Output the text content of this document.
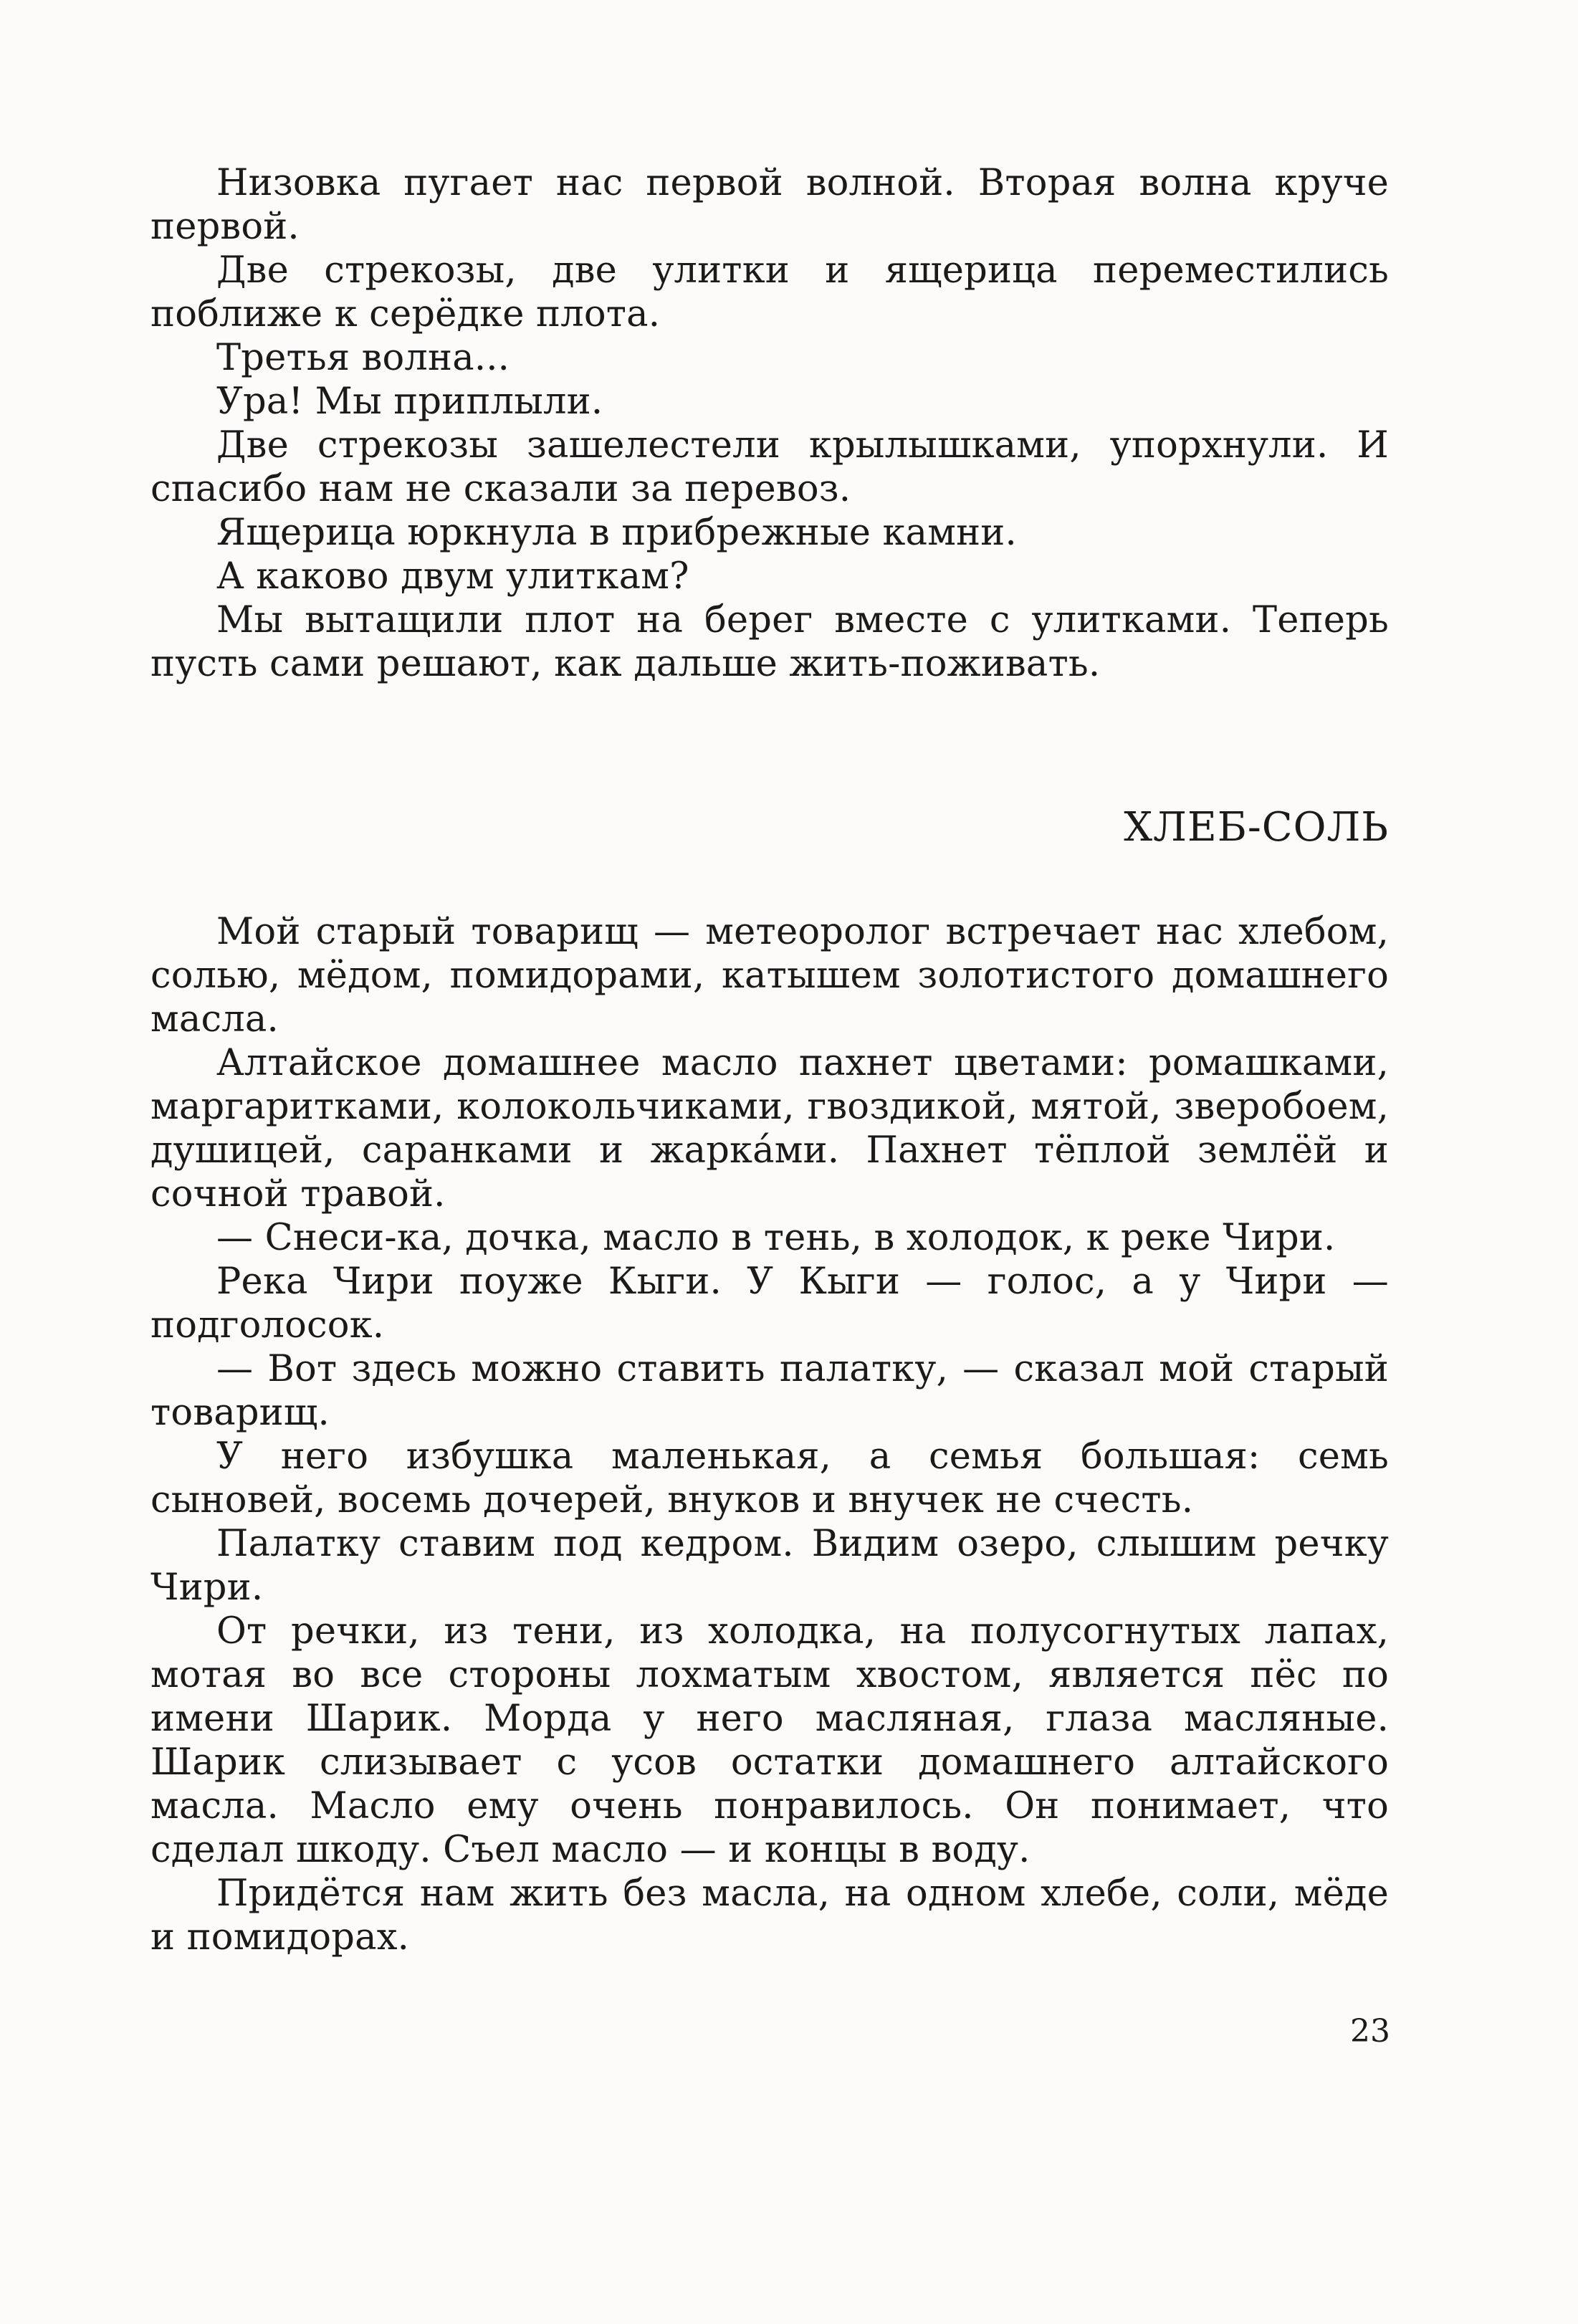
Низовка пугает нас первой волной. Вторая волна круче первой.

Две стрекозы, две улитки и ящерица переместились поближе к серёдке плота.

Третья волна...

Ура! Мы приплыли.

Две стрекозы зашелестели крылышками, упорхнули. И спасибо нам не сказали за перевоз.

Ящерица юркнула в прибрежные камни.

А каково двум улиткам?

Мы вытащили плот на берег вместе с улитками. Теперь пусть сами решают, как дальше жить-поживать.

ХЛЕБ-СОЛЬ

Мой старый товарищ — метеоролог встречает нас хлебом, солью, мёдом, помидорами, катышем золотистого домашнего масла.

Алтайское домашнее масло пахнет цветами: ромашками, маргаритками, колокольчиками, гвоздикой, мятой, зверобоем, душицей, саранками и жарка́ми. Пахнет тёплой землёй и сочной травой.

— Снеси-ка, дочка, масло в тень, в холодок, к реке Чири.

Река Чири поуже Кыги. У Кыги — голос, а у Чири — подголосок.

— Вот здесь можно ставить палатку, — сказал мой старый товарищ.

У него избушка маленькая, а семья большая: семь сыновей, восемь дочерей, внуков и внучек не счесть.

Палатку ставим под кедром. Видим озеро, слышим речку Чири.

От речки, из тени, из холодка, на полусогнутых лапах, мотая во все стороны лохматым хвостом, является пёс по имени Шарик. Морда у него масляная, глаза масляные. Шарик слизывает с усов остатки домашнего алтайского масла. Масло ему очень понравилось. Он понимает, что сделал шкоду. Съел масло — и концы в воду.

Придётся нам жить без масла, на одном хлебе, соли, мёде и помидорах.

23
